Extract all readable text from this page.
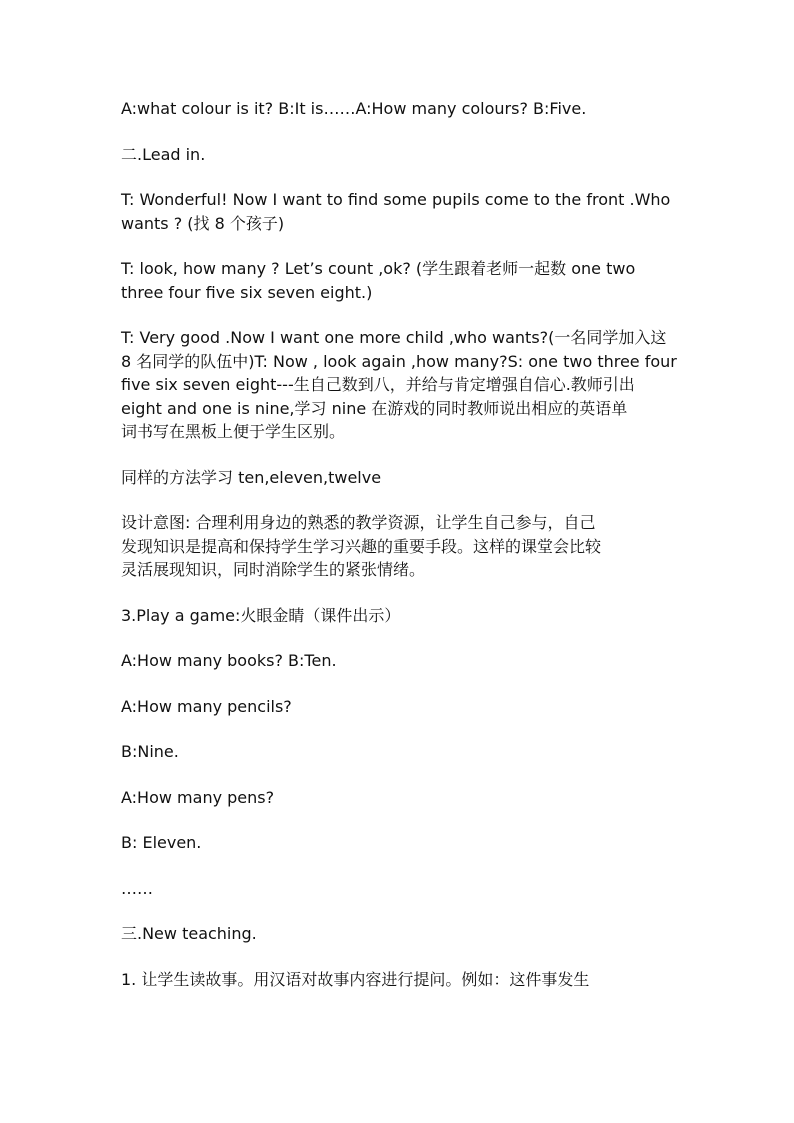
A:what colour is it? B:It is……A:How many colours? B:Five.

二.Lead in.

T: Wonderful! Now I want to find some pupils come to the front .Who
wants ? (找 8 个孩子)

T: look, how many ? Let’s count ,ok? (学生跟着老师一起数 one two
three four five six seven eight.)

T: Very good .Now I want one more child ,who wants?(一名同学加入这
8 名同学的队伍中)T: Now , look again ,how many?S: one two three four
five six seven eight---生自己数到八，并给与肯定增强自信心.教师引出
eight and one is nine,学习 nine 在游戏的同时教师说出相应的英语单
词书写在黑板上便于学生区别。

同样的方法学习 ten,eleven,twelve

设计意图: 合理利用身边的熟悉的教学资源，让学生自己参与，自己
发现知识是提高和保持学生学习兴趣的重要手段。这样的课堂会比较
灵活展现知识，同时消除学生的紧张情绪。

3.Play a game:火眼金睛（课件出示）

A:How many books? B:Ten.

A:How many pencils?

B:Nine.

A:How many pens?

B: Eleven.

……

三.New teaching.

1. 让学生读故事。用汉语对故事内容进行提问。例如：这件事发生
